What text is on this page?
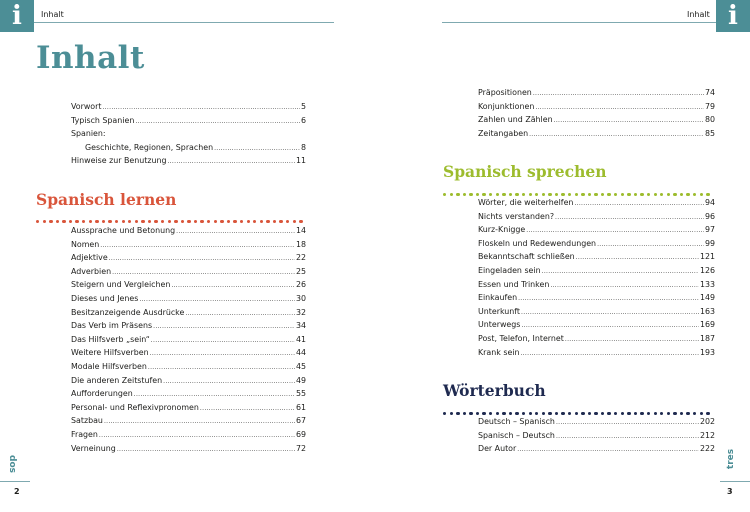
i	Inhalt
Inhalt
Vorwort .....	5
Typisch Spanien .....	6
Spanien:
Geschichte, Regionen, Sprachen .....	8
Hinweise zur Benutzung .....	11
Spanisch lernen
Aussprache und Betonung .....	14
Nomen .....	18
Adjektive .....	22
Adverbien .....	25
Steigern und Vergleichen .....	26
Dieses und Jenes .....	30
Besitzanzeigende Ausdrücke .....	32
Das Verb im Präsens .....	34
Das Hilfsverb „sein“ .....	41
Weitere Hilfsverben .....	44
Modale Hilfsverben .....	45
Die anderen Zeitstufen .....	49
Aufforderungen .....	55
Personal- und Reflexivpronomen .....	61
Satzbau .....	67
Fragen .....	69
Verneinung .....	72
dos
2
Inhalt i
Präpositionen .....	74
Konjunktionen .....	79
Zahlen und Zählen .....	80
Zeitangaben .....	85
Spanisch sprechen
Wörter, die weiterhelfen .....	94
Nichts verstanden? .....	96
Kurz-Knigge .....	97
Floskeln und Redewendungen .....	99
Bekanntschaft schließen .....	121
Eingeladen sein .....	126
Essen und Trinken .....	133
Einkaufen .....	149
Unterkunft .....	163
Unterwegs .....	169
Post, Telefon, Internet .....	187
Krank sein .....	193
Wörterbuch
Deutsch – Spanisch .....	202
Spanisch – Deutsch .....	212
Der Autor .....	222
tres
3
